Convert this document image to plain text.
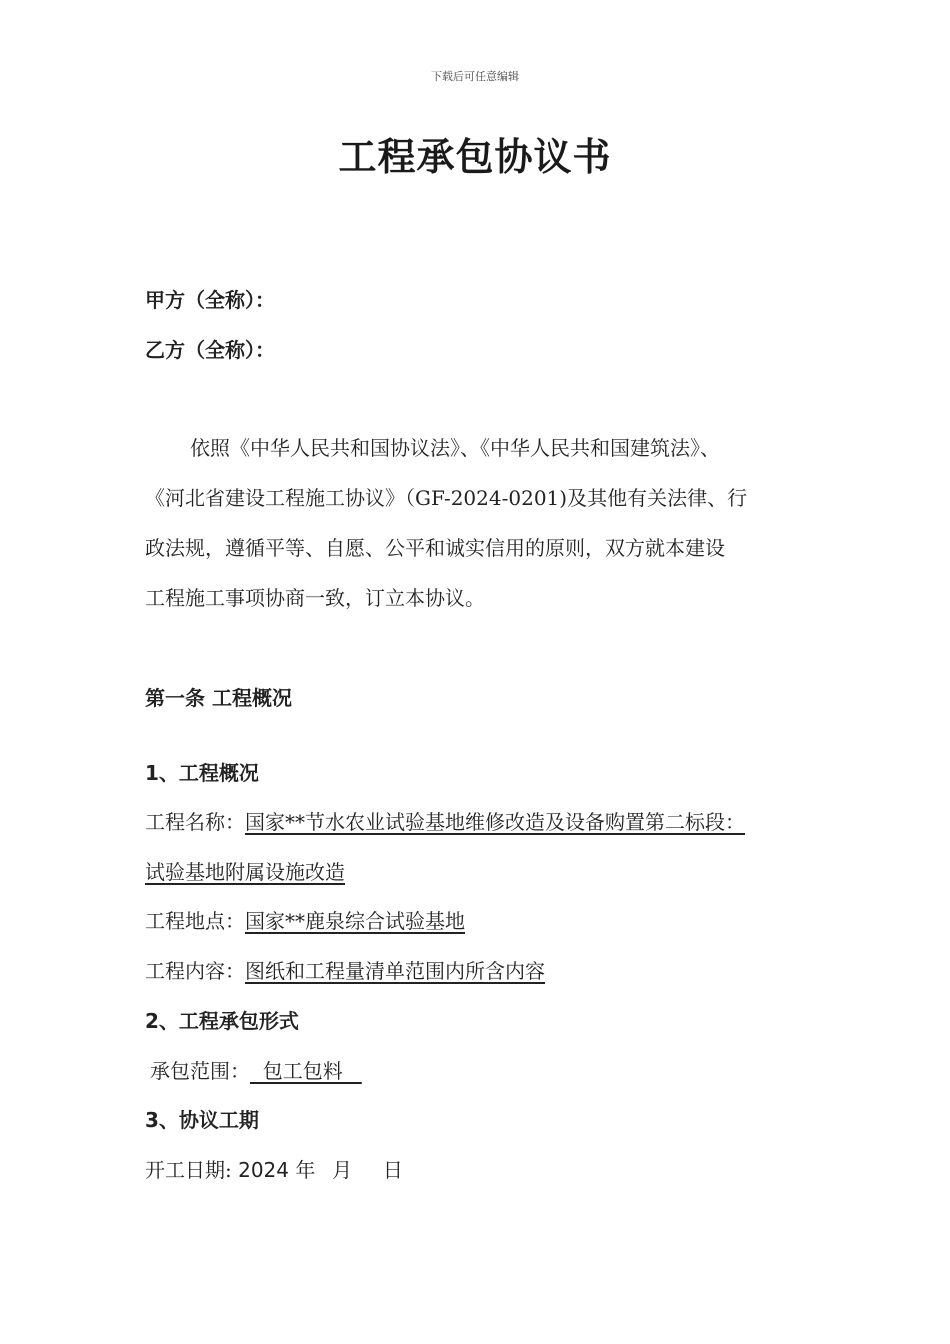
下载后可任意编辑
工程承包协议书
甲方（全称）：
乙方（全称）：
依照《中华人民共和国协议法》、《中华人民共和国建筑法》、
《河北省建设工程施工协议》（GF-2024-0201)及其他有关法律、行
政法规，遵循平等、自愿、公平和诚实信用的原则，双方就本建设
工程施工事项协商一致，订立本协议。
第一条 工程概况
1、工程概况
工程名称：国家**节水农业试验基地维修改造及设备购置第二标段：
试验基地附属设施改造
工程地点：国家**鹿泉综合试验基地
工程内容：图纸和工程量清单范围内所含内容
2、工程承包形式
承包范围：  包工包料
3、协议工期
开工日期: 2024 年 月 日
